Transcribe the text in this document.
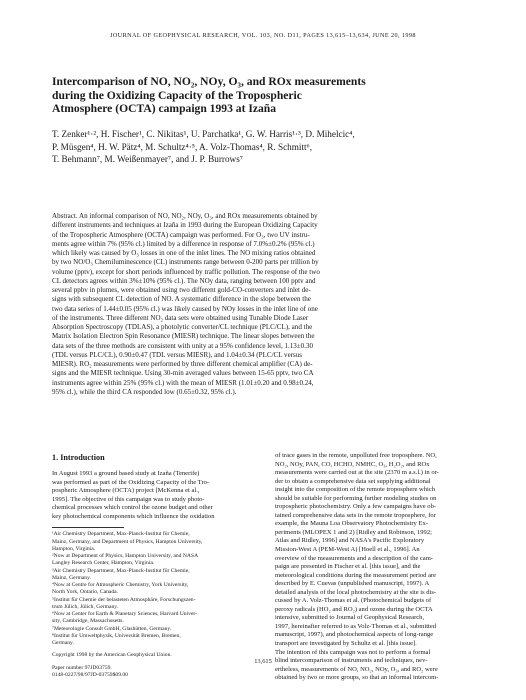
JOURNAL OF GEOPHYSICAL RESEARCH, VOL. 103, NO. D11, PAGES 13,615–13,634, JUNE 20, 1998
Intercomparison of NO, NO₂, NOy, O₃, and ROx measurements
during the Oxidizing Capacity of the Tropospheric
Atmosphere (OCTA) campaign 1993 at Izaña
T. Zenker¹·², H. Fischer¹, C. Nikitas¹, U. Parchatka¹, G. W. Harris¹·³, D. Mihelcic⁴,
P. Müsgen⁴, H. W. Pätz⁴, M. Schultz⁴·⁵, A. Volz-Thomas⁴, R. Schmitt⁶,
T. Behmann⁷, M. Weißenmayer⁷, and J. P. Burrows⁷
Abstract. An informal comparison of NO, NO₂, NOy, O₃, and ROx measurements obtained by
different instruments and techniques at Izaña in 1993 during the European Oxidizing Capacity
of the Tropospheric Atmosphere (OCTA) campaign was performed. For O₃, two UV instru-
ments agree within 7% (95% cl.) limited by a difference in response of 7.0%±0.2% (95% cl.)
which likely was caused by O₃ losses in one of the inlet lines. The NO mixing ratios obtained
by two NO/O₃ Chemiluminescence (CL) instruments range between 0-200 parts per trillion by
volume (pptv), except for short periods influenced by traffic pollution. The response of the two
CL detectors agrees within 3%±10% (95% cl.). The NOy data, ranging between 100 pptv and
several ppbv in plumes, were obtained using two different gold-CO-converters and inlet de-
signs with subsequent CL detection of NO. A systematic difference in the slope between the
two data series of 1.44±0.05 (95% cl.) was likely caused by NOy losses in the inlet line of one
of the instruments. Three different NO₂ data sets were obtained using Tunable Diode Laser
Absorption Spectroscopy (TDLAS), a photolytic converter/CL technique (PLC/CL), and the
Matrix Isolation Electron Spin Resonance (MIESR) technique. The linear slopes between the
data sets of the three methods are consistent with unity at a 95% confidence level, 1.13±0.30
(TDL versus PLC/CL), 0.90±0.47 (TDL versus MIESR), and 1.04±0.34 (PLC/CL versus
MIESR). RO₂ measurements were performed by three different chemical amplifier (CA) de-
signs and the MIESR technique. Using 30-min averaged values between 15-65 pptv, two CA
instruments agree within 25% (95% cl.) with the mean of MIESR (1.01±0.20 and 0.98±0.24,
95% cl.), while the third CA responded low (0.65±0.32, 95% cl.).
1. Introduction
In August 1993 a ground based study at Izaña (Tenerife)
was performed as part of the Oxidizing Capacity of the Tro-
pospheric Atmosphere (OCTA) project [McKenna et al.,
1995]. The objective of this campaign was to study photo-
chemical processes which control the ozone budget and other
key photochemical components which influence the oxidation
¹Air Chemistry Department, Max-Planck-Institut für Chemie,
Mainz, Germany, and Department of Physics, Hampton University,
Hampton, Virginia.
²Now at Department of Physics, Hampton University, and NASA
Langley Research Center, Hampton, Virginia.
³Air Chemistry Department, Max-Planck-Institut für Chemie,
Mainz, Germany.
⁴Now at Centre for Atmospheric Chemistry, York University,
North York, Ontario, Canada.
⁵Institut für Chemie der belasteten Atmosphäre, Forschungszen-
trum Jülich, Jülich, Germany.
⁶Now at Center for Earth & Planetary Sciences, Harvard Univer-
sity, Cambridge, Massachusetts.
⁷Meteorologie Consult GmbH, Glashütten, Germany.
⁸Institut für Umweltphysik, Universität Bremen, Bremen,
Germany.
Copyright 1998 by the American Geophysical Union.
Paper number 97JD03759.
0148-0227/98/97JD-03759$09.00
of trace gases in the remote, unpolluted free troposphere. NO,
NO₂, NOy, PAN, CO, HCHO, NMHC, O₃, H₂O₂, and ROx
measurements were carried out at the site (2370 m a.s.l.) in or-
der to obtain a comprehensive data set supplying additional
insight into the composition of the remote troposphere which
should be suitable for performing further modeling studies on
tropospheric photochemistry. Only a few campaigns have ob-
tained comprehensive data sets in the remote troposphere, for
example, the Mauna Loa Observatory Photochemistry Ex-
periments (MLOPEX 1 and 2) [Ridley and Robinson, 1992;
Atlas and Ridley, 1996] and NASA's Pacific Exploratory
Mission-West A (PEM-West A) [Hoell et al., 1996]. An
overview of the measurements and a description of the cam-
paign are presented in Fischer et al. [this issue], and the
meteorological conditions during the measurement period are
described by E. Cuevas (unpublished manuscript, 1997). A
detailed analysis of the local photochemistry at the site is dis-
cussed by A. Volz-Thomas et al. (Photochemical budgets of
peroxy radicals (HO₂ and RO₂) and ozone during the OCTA
intensive, submitted to Journal of Geophysical Research,
1997, hereinafter referred to as Volz-Thomas et al., submitted
manuscript, 1997), and photochemical aspects of long-range
transport are investigated by Schultz et al. [this issue].
The intention of this campaign was not to perform a formal
blind intercomparison of instruments and techniques, nev-
ertheless, measurements of NO, NO₂, NOy, O₃, and RO₂ were
obtained by two or more groups, so that an informal intercom-
13,615
